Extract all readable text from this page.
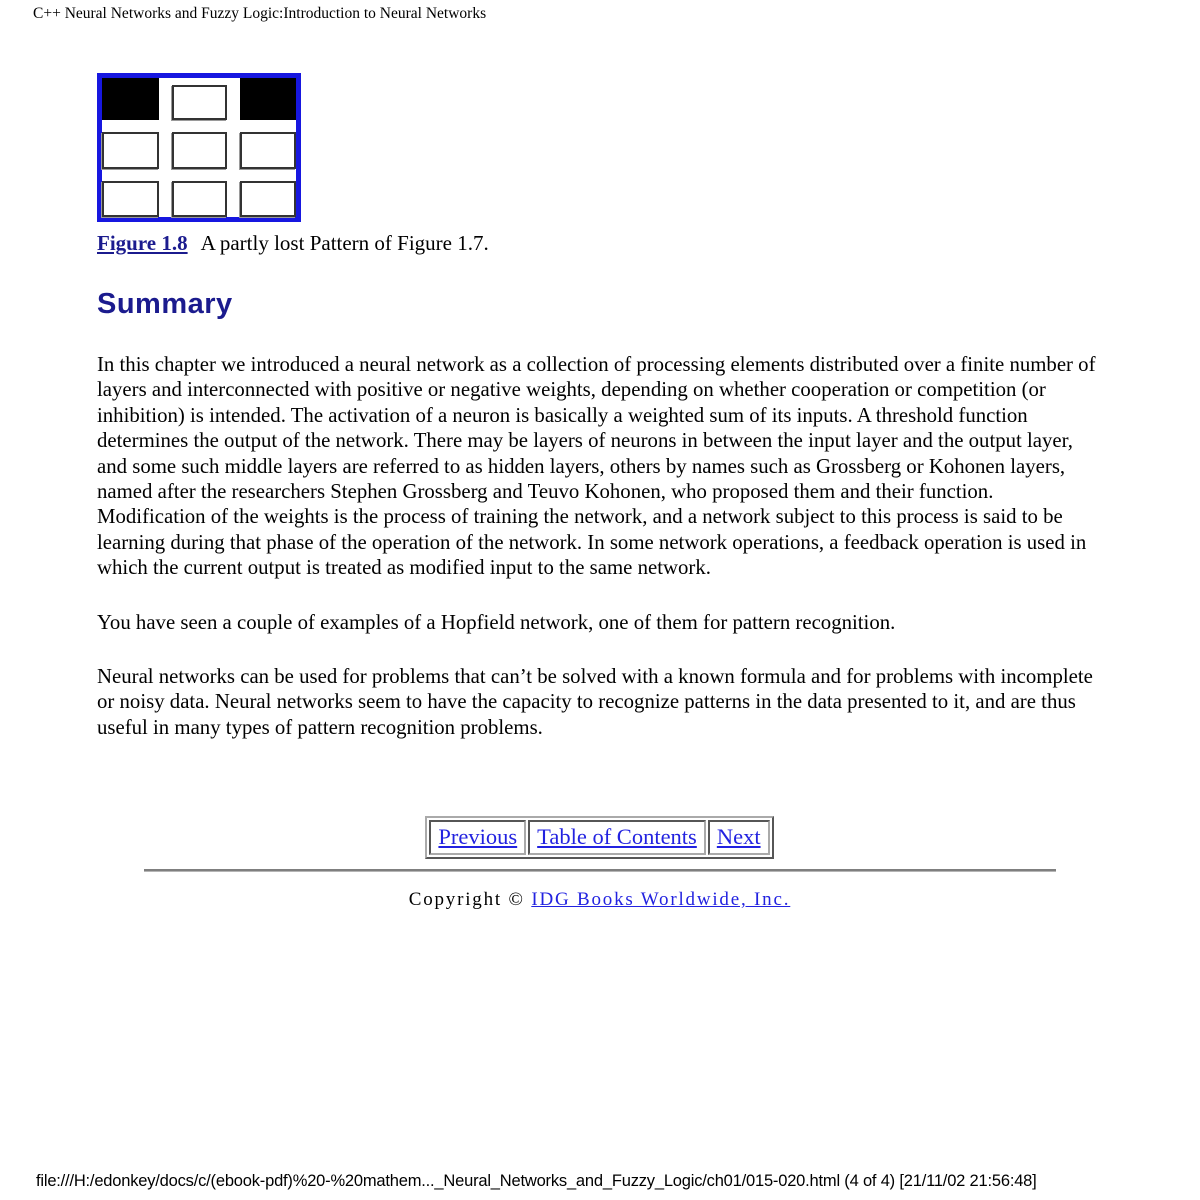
C++ Neural Networks and Fuzzy Logic:Introduction to Neural Networks

Figure 1.8 A partly lost Pattern of Figure 1.7.

Summary

In this chapter we introduced a neural network as a collection of processing elements distributed over a finite number of layers and interconnected with positive or negative weights, depending on whether cooperation or competition (or inhibition) is intended. The activation of a neuron is basically a weighted sum of its inputs. A threshold function determines the output of the network. There may be layers of neurons in between the input layer and the output layer, and some such middle layers are referred to as hidden layers, others by names such as Grossberg or Kohonen layers, named after the researchers Stephen Grossberg and Teuvo Kohonen, who proposed them and their function. Modification of the weights is the process of training the network, and a network subject to this process is said to be learning during that phase of the operation of the network. In some network operations, a feedback operation is used in which the current output is treated as modified input to the same network.

You have seen a couple of examples of a Hopfield network, one of them for pattern recognition.

Neural networks can be used for problems that can’t be solved with a known formula and for problems with incomplete or noisy data. Neural networks seem to have the capacity to recognize patterns in the data presented to it, and are thus useful in many types of pattern recognition problems.

Previous	Table of Contents	Next

Copyright © IDG Books Worldwide, Inc.

file:///H:/edonkey/docs/c/(ebook-pdf)%20-%20mathem..._Neural_Networks_and_Fuzzy_Logic/ch01/015-020.html (4 of 4) [21/11/02 21:56:48]
